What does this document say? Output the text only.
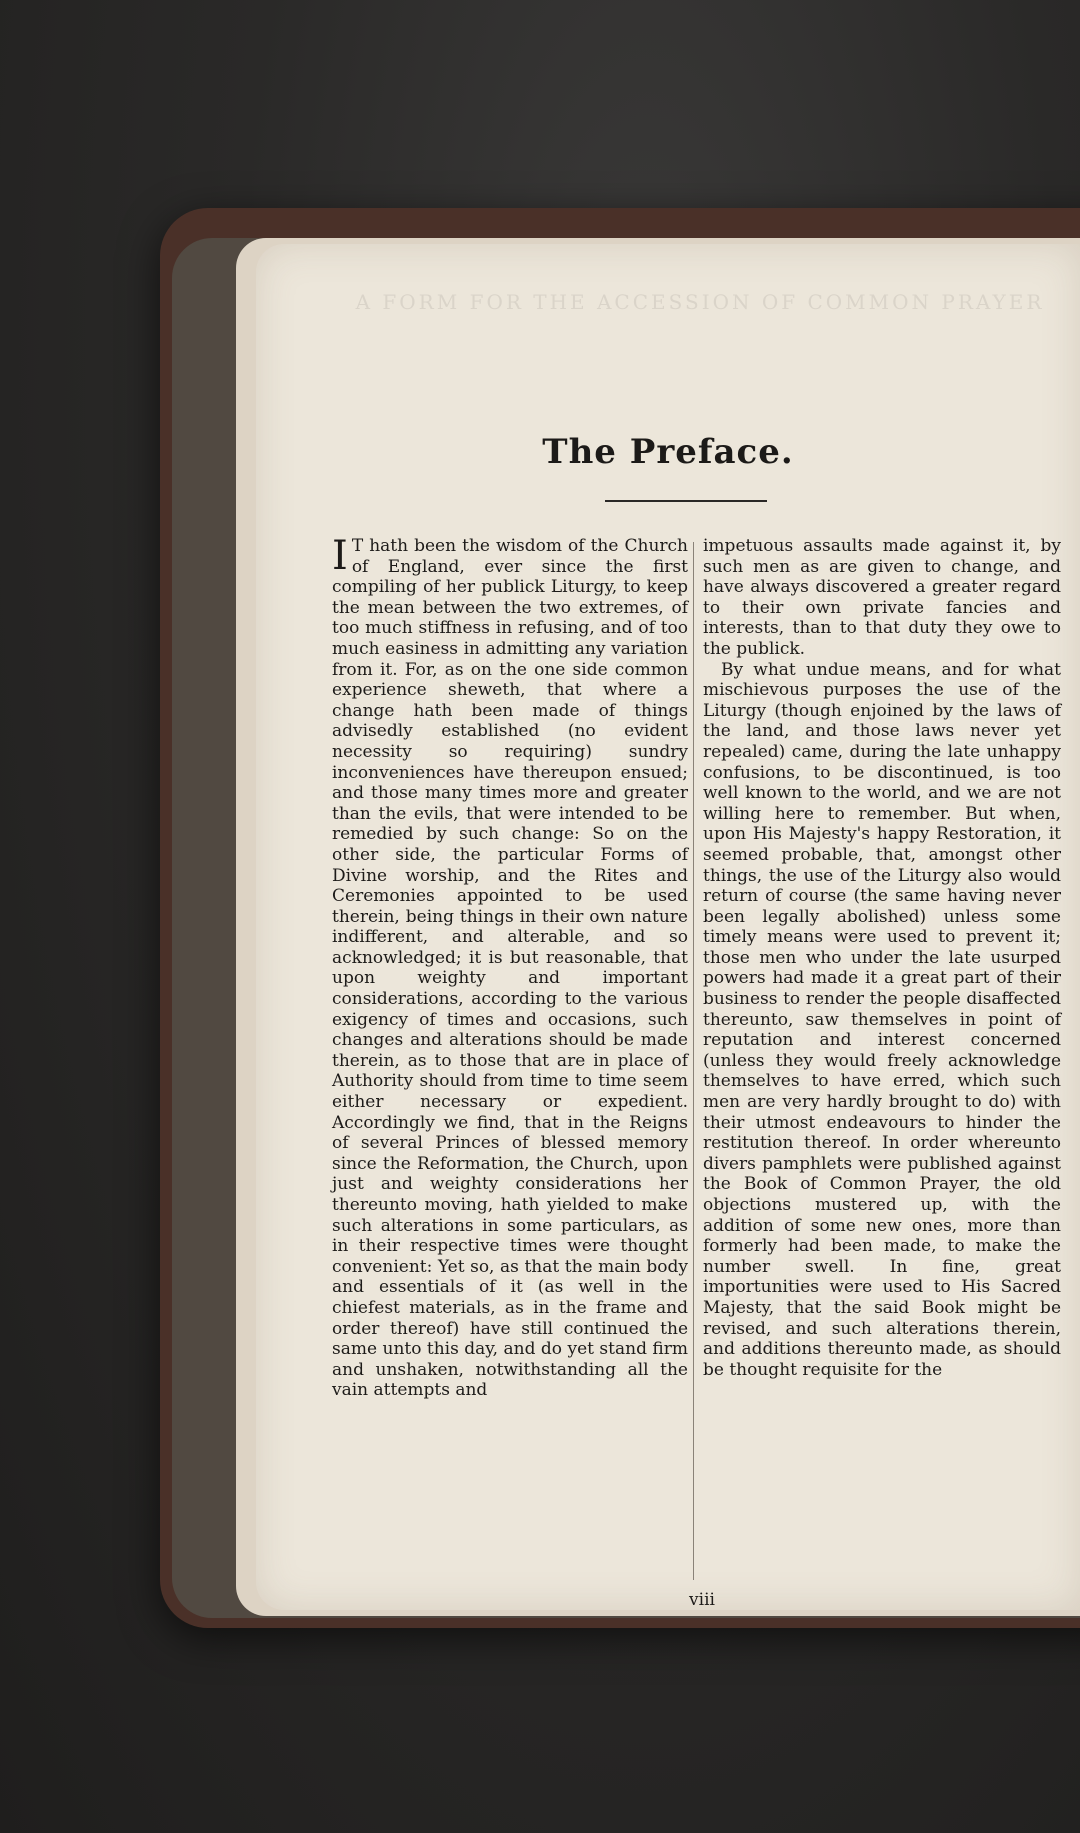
A FORM FOR THE ACCESSION OF COMMON PRAYER
The Preface.

I T hath been the wisdom of the Church of England, ever since the first compiling of her publick Liturgy, to keep the mean between the two extremes, of too much stiffness in refusing, and of too much easiness in admitting any variation from it. For, as on the one side common experience sheweth, that where a change hath been made of things advisedly established (no evident necessity so requiring) sundry inconveniences have thereupon ensued; and those many times more and greater than the evils, that were intended to be remedied by such change: So on the other side, the particular Forms of Divine worship, and the Rites and Ceremonies appointed to be used therein, being things in their own nature indifferent, and alterable, and so acknowledged; it is but reasonable, that upon weighty and important considerations, according to the various exigency of times and occasions, such changes and alterations should be made therein, as to those that are in place of Authority should from time to time seem either necessary or expedient. Accordingly we find, that in the Reigns of several Princes of blessed memory since the Reformation, the Church, upon just and weighty considerations her thereunto moving, hath yielded to make such alterations in some particulars, as in their respective times were thought convenient: Yet so, as that the main body and essentials of it (as well in the chiefest materials, as in the frame and order thereof) have still continued the same unto this day, and do yet stand firm and unshaken, notwithstanding all the vain attempts and

impetuous assaults made against it, by such men as are given to change, and have always discovered a greater regard to their own private fancies and interests, than to that duty they owe to the publick.

By what undue means, and for what mischievous purposes the use of the Liturgy (though enjoined by the laws of the land, and those laws never yet repealed) came, during the late unhappy confusions, to be discontinued, is too well known to the world, and we are not willing here to remember. But when, upon His Majesty's happy Restoration, it seemed probable, that, amongst other things, the use of the Liturgy also would return of course (the same having never been legally abolished) unless some timely means were used to prevent it; those men who under the late usurped powers had made it a great part of their business to render the people disaffected thereunto, saw themselves in point of reputation and interest concerned (unless they would freely acknowledge themselves to have erred, which such men are very hardly brought to do) with their utmost endeavours to hinder the restitution thereof. In order whereunto divers pamphlets were published against the Book of Common Prayer, the old objections mustered up, with the addition of some new ones, more than formerly had been made, to make the number swell. In fine, great importunities were used to His Sacred Majesty, that the said Book might be revised, and such alterations therein, and additions thereunto made, as should be thought requisite for the

viii
